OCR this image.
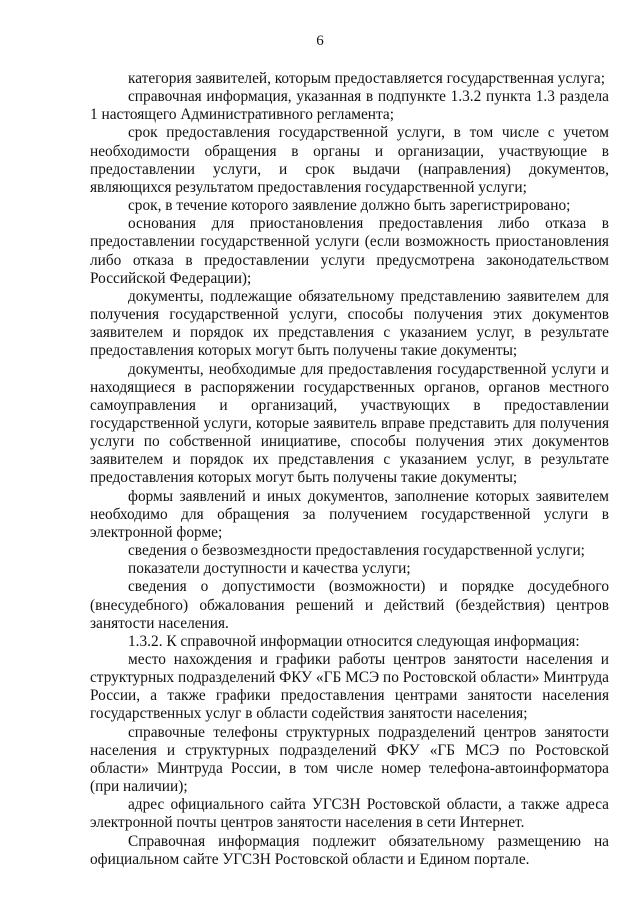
6

категория заявителей, которым предоставляется государственная услуга;

справочная информация, указанная в подпункте 1.3.2 пункта 1.3 раздела 1 настоящего Административного регламента;

срок предоставления государственной услуги, в том числе с учетом необходимости обращения в органы и организации, участвующие в предоставлении услуги, и срок выдачи (направления) документов, являющихся результатом предоставления государственной услуги;

срок, в течение которого заявление должно быть зарегистрировано;

основания для приостановления предоставления либо отказа в предоставлении государственной услуги (если возможность приостановления либо отказа в предоставлении услуги предусмотрена законодательством Российской Федерации);

документы, подлежащие обязательному представлению заявителем для получения государственной услуги, способы получения этих документов заявителем и порядок их представления с указанием услуг, в результате предоставления которых могут быть получены такие документы;

документы, необходимые для предоставления государственной услуги и находящиеся в распоряжении государственных органов, органов местного самоуправления и организаций, участвующих в предоставлении государственной услуги, которые заявитель вправе представить для получения услуги по собственной инициативе, способы получения этих документов заявителем и порядок их представления с указанием услуг, в результате предоставления которых могут быть получены такие документы;

формы заявлений и иных документов, заполнение которых заявителем необходимо для обращения за получением государственной услуги в электронной форме;

сведения о безвозмездности предоставления государственной услуги;

показатели доступности и качества услуги;

сведения о допустимости (возможности) и порядке досудебного (внесудебного) обжалования решений и действий (бездействия) центров занятости населения.

1.3.2. К справочной информации относится следующая информация:

место нахождения и графики работы центров занятости населения и структурных подразделений ФКУ «ГБ МСЭ по Ростовской области» Минтруда России, а также графики предоставления центрами занятости населения государственных услуг в области содействия занятости населения;

справочные телефоны структурных подразделений центров занятости населения и структурных подразделений ФКУ «ГБ МСЭ по Ростовской области» Минтруда России, в том числе номер телефона-автоинформатора (при наличии);

адрес официального сайта УГСЗН Ростовской области, а также адреса электронной почты центров занятости населения в сети Интернет.

Справочная информация подлежит обязательному размещению на официальном сайте УГСЗН Ростовской области и Едином портале.
